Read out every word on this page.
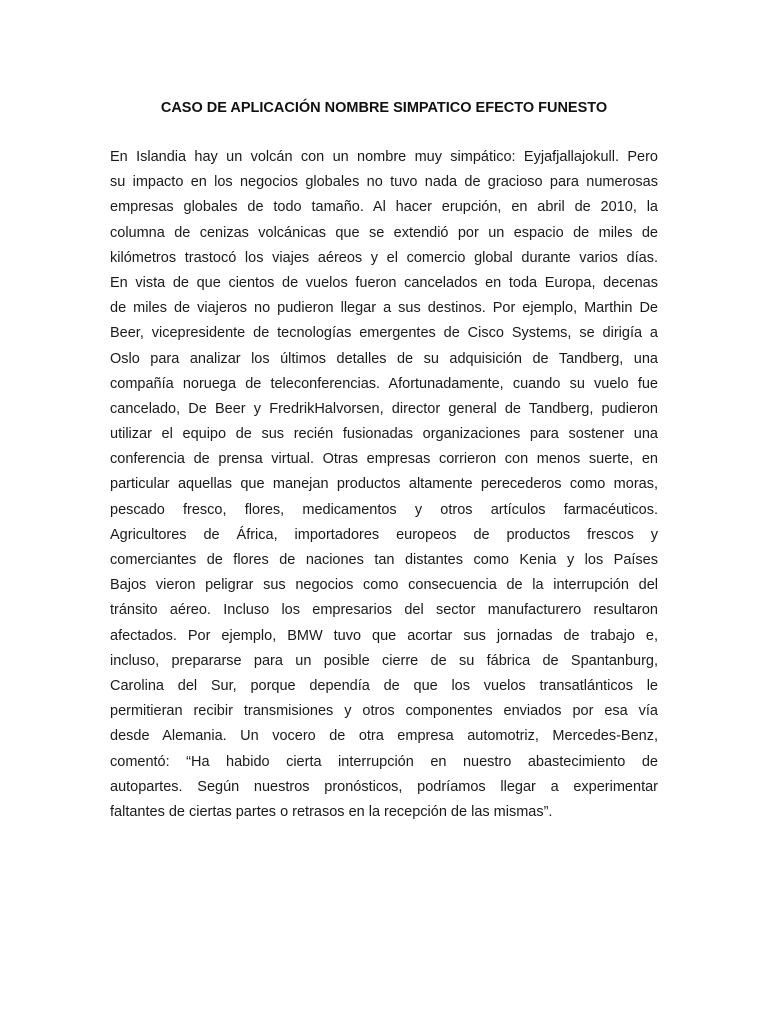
CASO DE APLICACIÓN NOMBRE SIMPATICO EFECTO FUNESTO
En Islandia hay un volcán con un nombre muy simpático: Eyjafjallajokull. Pero
su impacto en los negocios globales no tuvo nada de gracioso para numerosas
empresas globales de todo tamaño. Al hacer erupción, en abril de 2010, la
columna de cenizas volcánicas que se extendió por un espacio de miles de
kilómetros trastocó los viajes aéreos y el comercio global durante varios días.
En vista de que cientos de vuelos fueron cancelados en toda Europa, decenas
de miles de viajeros no pudieron llegar a sus destinos. Por ejemplo, Marthin De
Beer, vicepresidente de tecnologías emergentes de Cisco Systems, se dirigía a
Oslo para analizar los últimos detalles de su adquisición de Tandberg, una
compañía noruega de teleconferencias. Afortunadamente, cuando su vuelo fue
cancelado, De Beer y FredrikHalvorsen, director general de Tandberg, pudieron
utilizar el equipo de sus recién fusionadas organizaciones para sostener una
conferencia de prensa virtual. Otras empresas corrieron con menos suerte, en
particular aquellas que manejan productos altamente perecederos como moras,
pescado fresco, flores, medicamentos y otros artículos farmacéuticos.
Agricultores de África, importadores europeos de productos frescos y
comerciantes de flores de naciones tan distantes como Kenia y los Países
Bajos vieron peligrar sus negocios como consecuencia de la interrupción del
tránsito aéreo. Incluso los empresarios del sector manufacturero resultaron
afectados. Por ejemplo, BMW tuvo que acortar sus jornadas de trabajo e,
incluso, prepararse para un posible cierre de su fábrica de Spantanburg,
Carolina del Sur, porque dependía de que los vuelos transatlánticos le
permitieran recibir transmisiones y otros componentes enviados por esa vía
desde Alemania. Un vocero de otra empresa automotriz, Mercedes-Benz,
comentó: “Ha habido cierta interrupción en nuestro abastecimiento de
autopartes. Según nuestros pronósticos, podríamos llegar a experimentar
faltantes de ciertas partes o retrasos en la recepción de las mismas”.
